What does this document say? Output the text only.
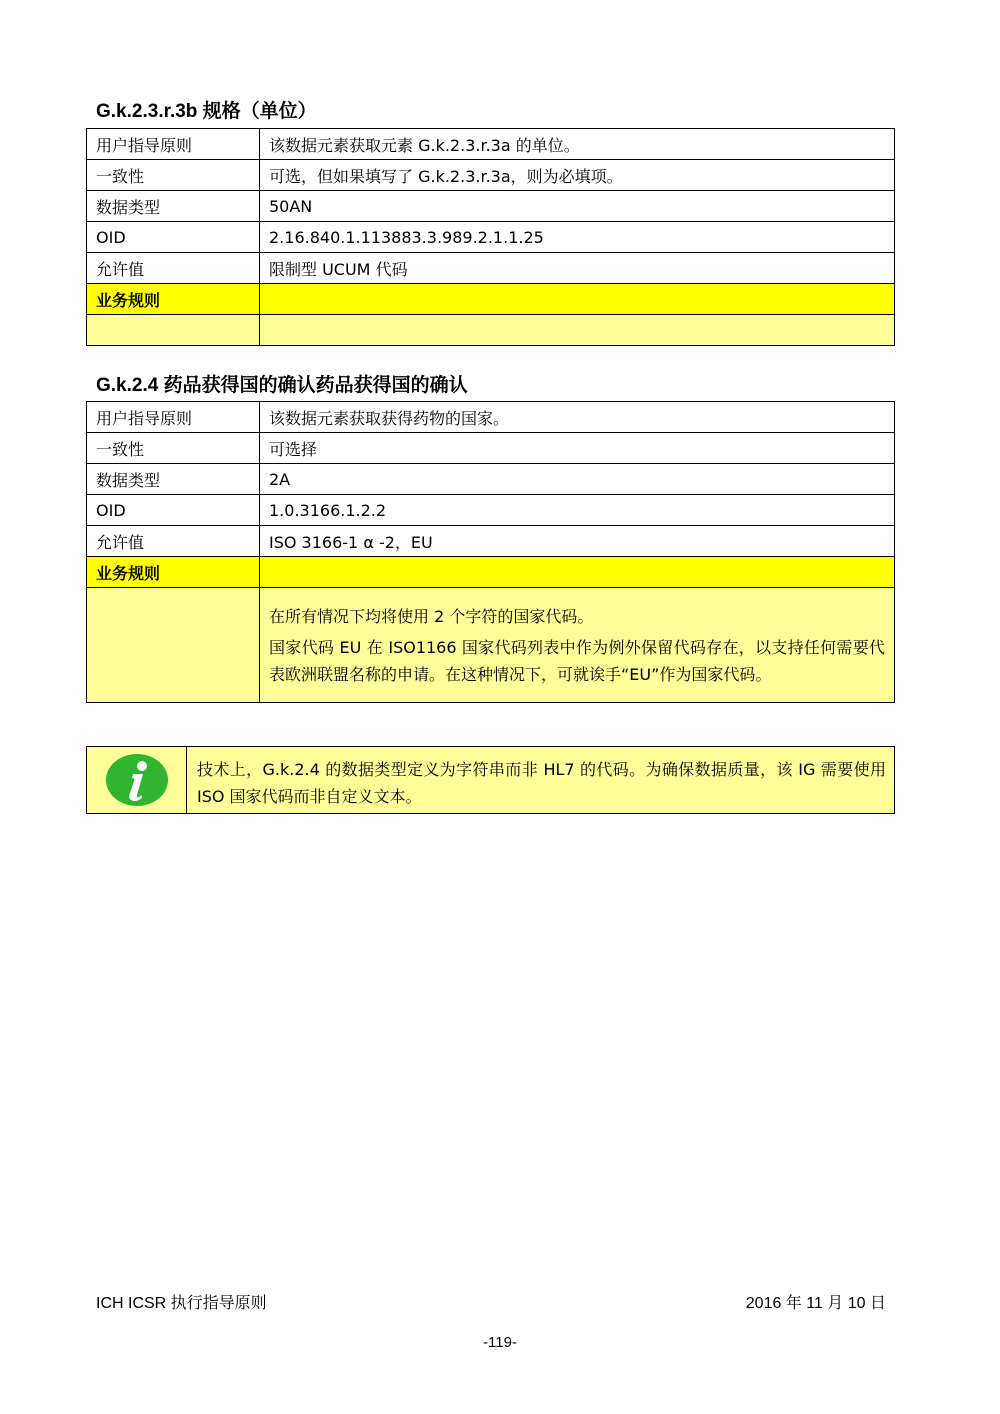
G.k.2.3.r.3b 规格（单位）
用户指导原则	该数据元素获取元素 G.k.2.3.r.3a 的单位。
一致性	可选，但如果填写了 G.k.2.3.r.3a，则为必填项。
数据类型	50AN
OID	2.16.840.1.113883.3.989.2.1.1.25
允许值	限制型 UCUM 代码
业务规则	

G.k.2.4 药品获得国的确认药品获得国的确认
用户指导原则	该数据元素获取获得药物的国家。
一致性	可选择
数据类型	2A
OID	1.0.3166.1.2.2
允许值	ISO 3166-1 α -2，EU
业务规则	

	在所有情况下均将使用 2 个字符的国家代码。

国家代码 EU 在 ISO1166 国家代码列表中作为例外保留代码存在，以支持任何需要代表欧洲联盟名称的申请。在这种情况下，可就诶手“EU”作为国家代码。

技术上，G.k.2.4 的数据类型定义为字符串而非 HL7 的代码。为确保数据质量，该 IG 需要使用 ISO 国家代码而非自定义文本。
ICH ICSR 执行指导原则	2016 年 11 月 10 日
-119-
